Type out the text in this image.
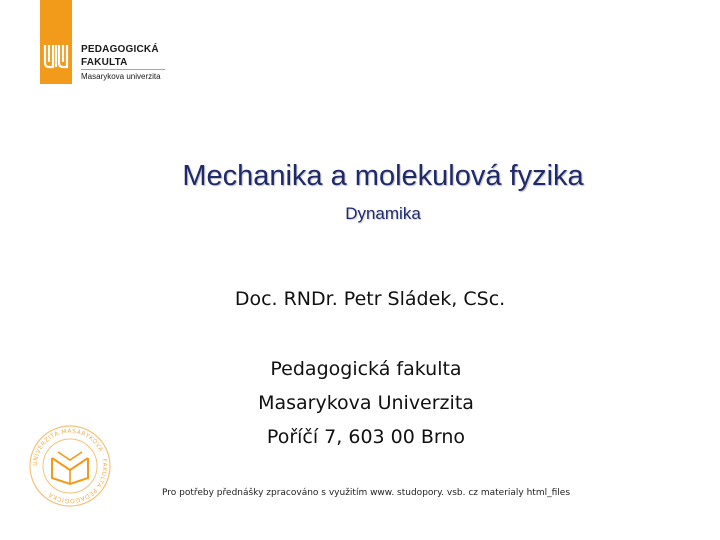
PEDAGOGICKÁ
FAKULTA
Masarykova univerzita
Mechanika a molekulová fyzika
Dynamika
Doc. RNDr. Petr Sládek, CSc.
Pedagogická fakulta
Masarykova Univerzita
Poříčí 7, 603 00 Brno
UNIVERZITA MASARYKOVA · FAKULTA PEDAGOGICKÁ ·	Pro potřeby přednášky zpracováno s využitím www. studopory. vsb. cz materialy html_files
